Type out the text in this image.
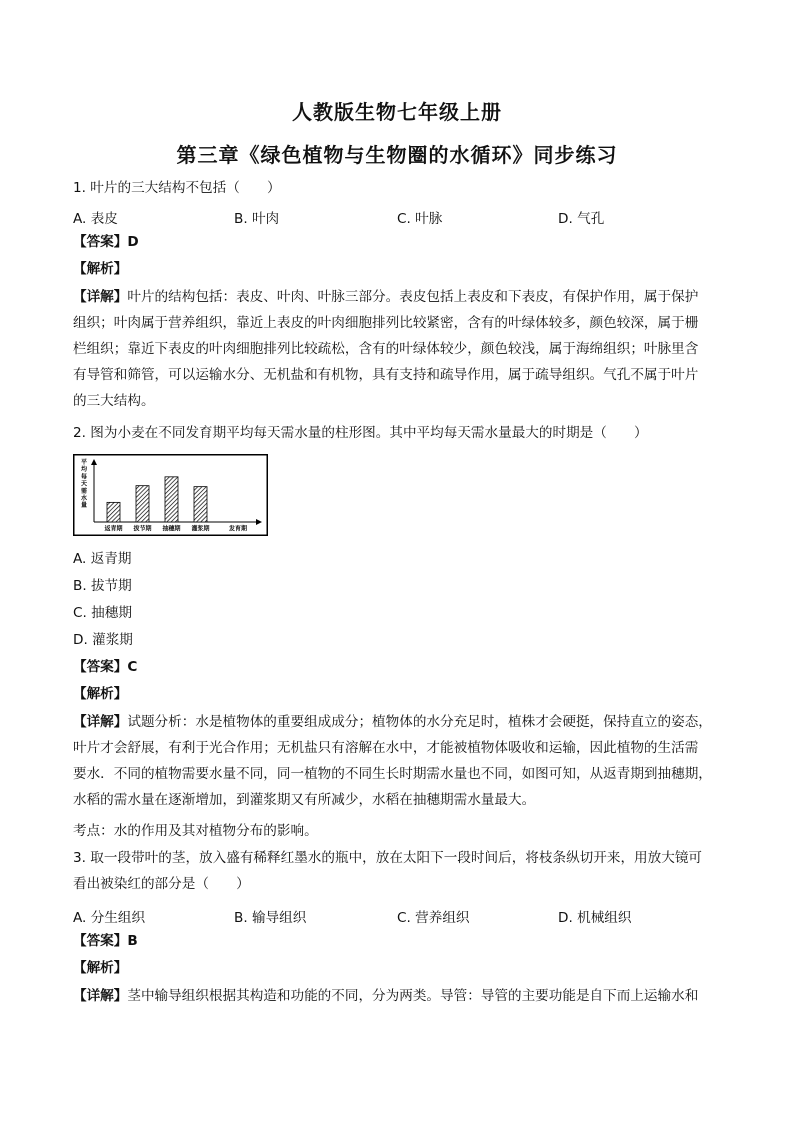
人教版生物七年级上册
第三章《绿色植物与生物圈的水循环》同步练习
1. 叶片的三大结构不包括（　　）
A. 表皮	B. 叶肉	C. 叶脉	D. 气孔
【答案】D
【解析】
【详解】叶片的结构包括：表皮、叶肉、叶脉三部分。表皮包括上表皮和下表皮，有保护作用，属于保护
组织；叶肉属于营养组织，靠近上表皮的叶肉细胞排列比较紧密，含有的叶绿体较多，颜色较深，属于栅
栏组织；靠近下表皮的叶肉细胞排列比较疏松，含有的叶绿体较少，颜色较浅，属于海绵组织；叶脉里含
有导管和筛管，可以运输水分、无机盐和有机物，具有支持和疏导作用，属于疏导组织。气孔不属于叶片
的三大结构。
2. 图为小麦在不同发育期平均每天需水量的柱形图。其中平均每天需水量最大的时期是（　　）
平
均
每
天
需
水
量
返青期 拔节期 抽穗期 灌浆期	发育期
A. 返青期
B. 拔节期
C. 抽穗期
D. 灌浆期
【答案】C
【解析】
【详解】试题分析：水是植物体的重要组成成分；植物体的水分充足时，植株才会硬挺，保持直立的姿态，
叶片才会舒展，有利于光合作用；无机盐只有溶解在水中，才能被植物体吸收和运输，因此植物的生活需
要水．不同的植物需要水量不同，同一植物的不同生长时期需水量也不同，如图可知，从返青期到抽穗期，
水稻的需水量在逐渐增加，到灌浆期又有所减少，水稻在抽穗期需水量最大。
考点：水的作用及其对植物分布的影响。
3. 取一段带叶的茎，放入盛有稀释红墨水的瓶中，放在太阳下一段时间后，将枝条纵切开来，用放大镜可
看出被染红的部分是（　　）
A. 分生组织	B. 输导组织	C. 营养组织	D. 机械组织
【答案】B
【解析】
【详解】茎中输导组织根据其构造和功能的不同，分为两类。导管：导管的主要功能是自下而上运输水和
